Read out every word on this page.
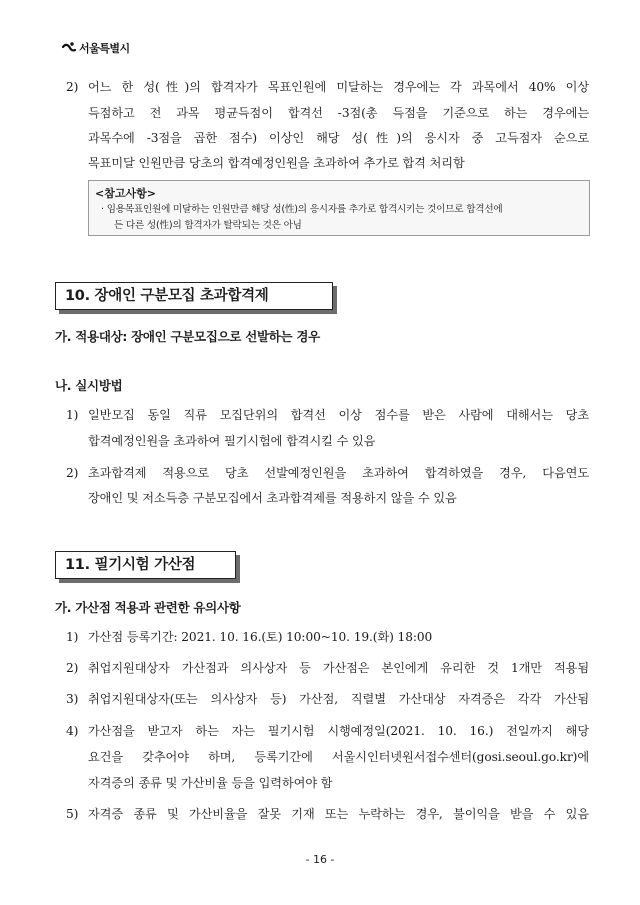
서울특별시
2) 어느 한 성(性)의 합격자가 목표인원에 미달하는 경우에는 각 과목에서 40% 이상
득점하고 전 과목 평균득점이 합격선 -3점(총 득점을 기준으로 하는 경우에는
과목수에 -3점을 곱한 점수) 이상인 해당 성(性)의 응시자 중 고득점자 순으로
목표미달 인원만큼 당초의 합격예정인원을 초과하여 추가로 합격 처리함
<참고사항>
· 임용목표인원에 미달하는 인원만큼 해당 성(性)의 응시자를 추가로 합격시키는 것이므로 합격선에
든 다른 성(性)의 합격자가 탈락되는 것은 아님
10. 장애인 구분모집 초과합격제
가. 적용대상: 장애인 구분모집으로 선발하는 경우
나. 실시방법
1) 일반모집 동일 직류 모집단위의 합격선 이상 점수를 받은 사람에 대해서는 당초
합격예정인원을 초과하여 필기시험에 합격시킬 수 있음
2) 초과합격제 적용으로 당초 선발예정인원을 초과하여 합격하였을 경우, 다음연도
장애인 및 저소득층 구분모집에서 초과합격제를 적용하지 않을 수 있음
11. 필기시험 가산점
가. 가산점 적용과 관련한 유의사항
1) 가산점 등록기간: 2021. 10. 16.(토) 10:00~10. 19.(화) 18:00
2) 취업지원대상자 가산점과 의사상자 등 가산점은 본인에게 유리한 것 1개만 적용됨
3) 취업지원대상자(또는 의사상자 등) 가산점, 직렬별 가산대상 자격증은 각각 가산됨
4) 가산점을 받고자 하는 자는 필기시험 시행예정일(2021. 10. 16.) 전일까지 해당
요건을 갖추어야 하며, 등록기간에 서울시인터넷원서접수센터(gosi.seoul.go.kr)에
자격증의 종류 및 가산비율 등을 입력하여야 함
5) 자격증 종류 및 가산비율을 잘못 기재 또는 누락하는 경우, 불이익을 받을 수 있음
- 16 -
